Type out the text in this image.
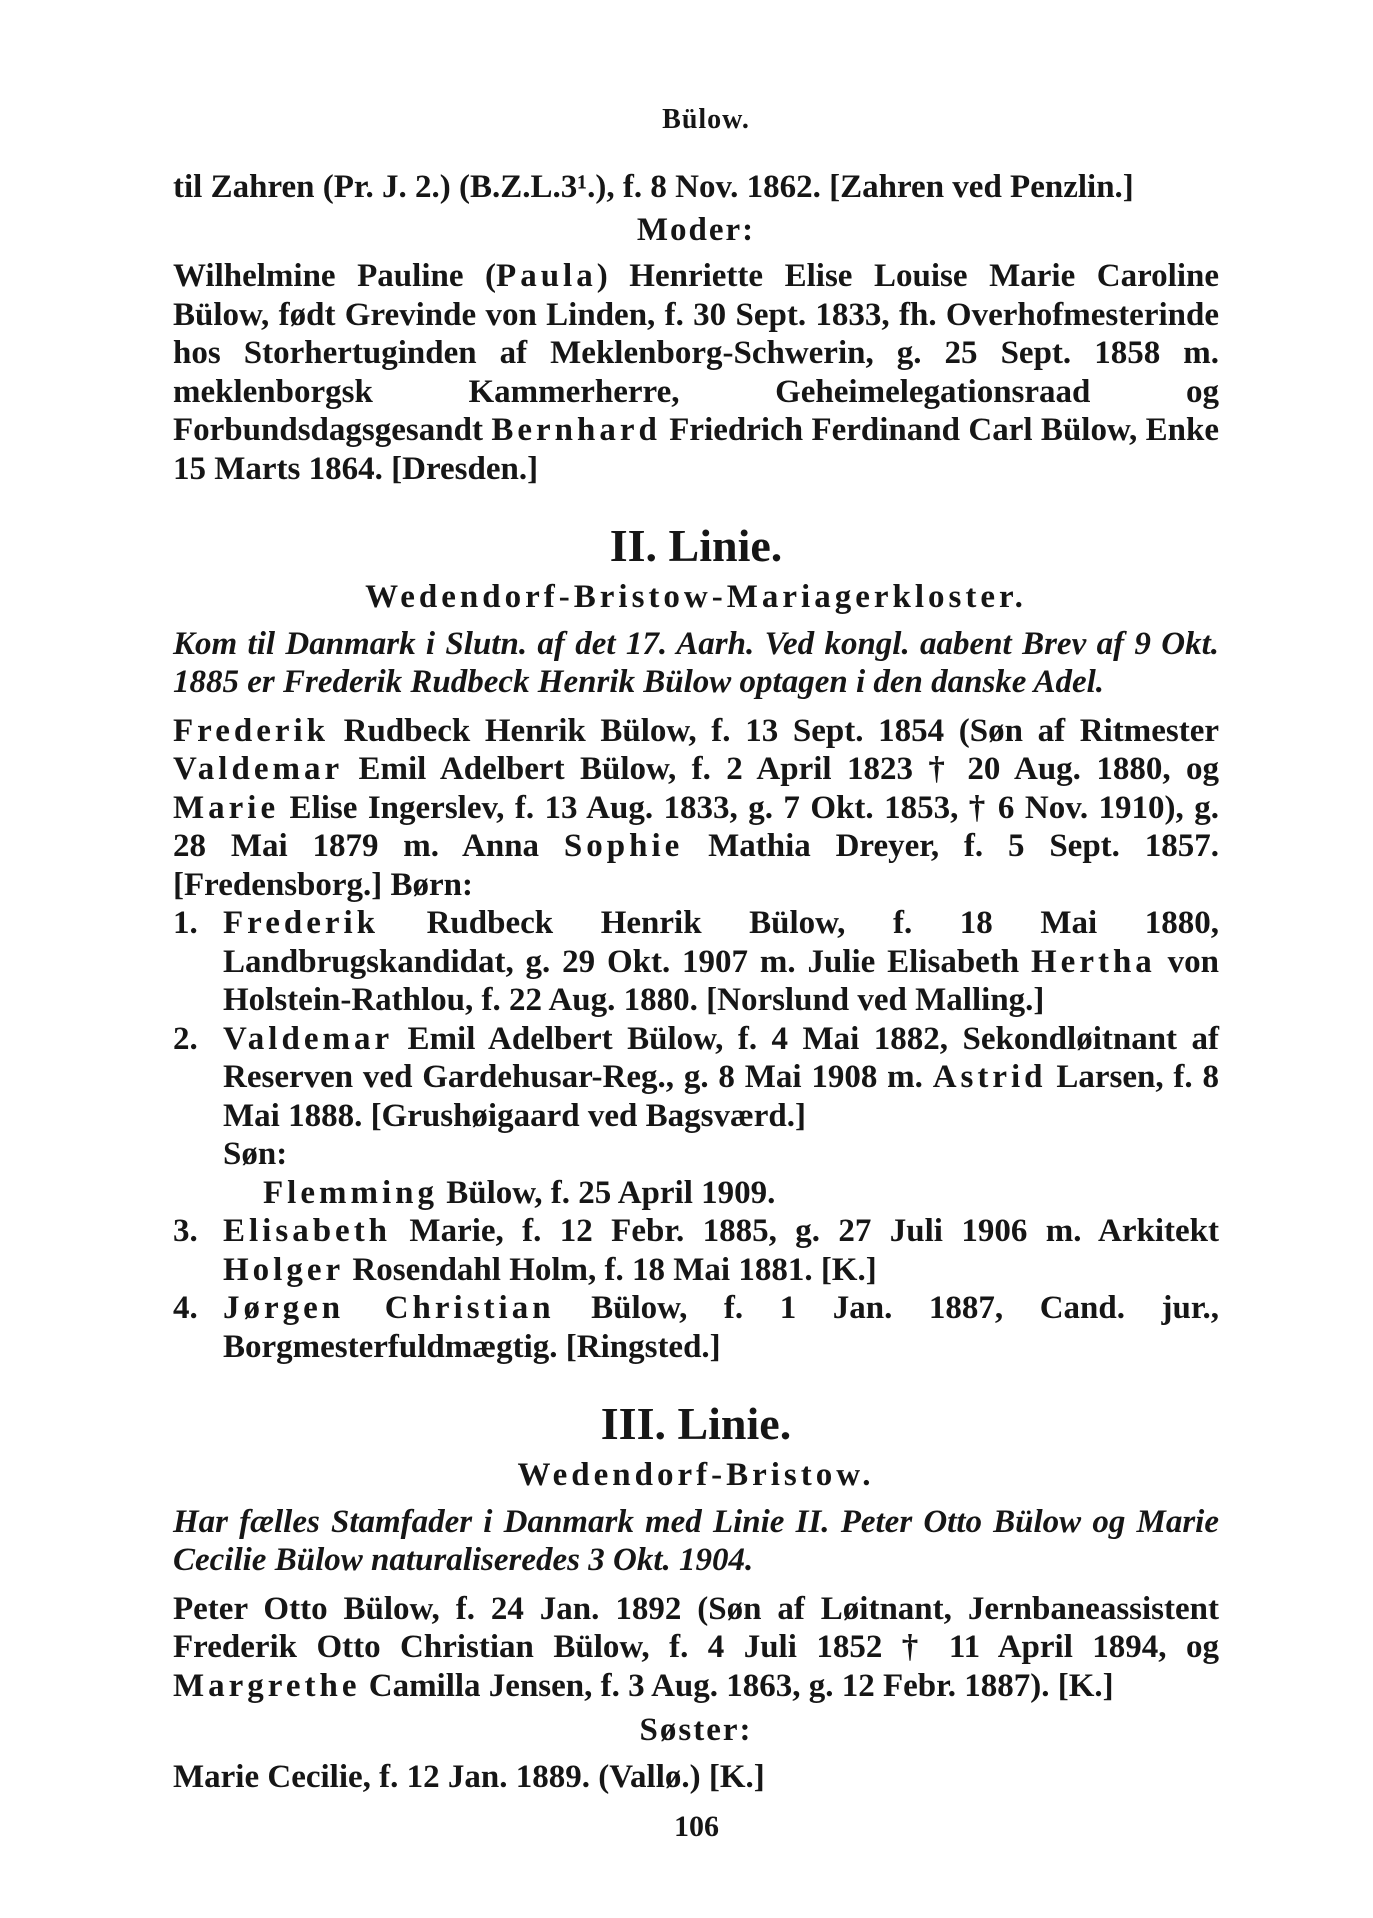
Bülow.

til Zahren (Pr. J. 2.) (B.Z.L.3¹.), f. 8 Nov. 1862. [Zahren ved Penzlin.]

Moder:

Wilhelmine Pauline (Paula) Henriette Elise Louise Marie Caroline Bülow, født Grevinde von Linden, f. 30 Sept. 1833, fh. Overhofmesterinde hos Storhertuginden af Meklenborg-Schwerin, g. 25 Sept. 1858 m. meklenborgsk Kammerherre, Geheimelegationsraad og Forbundsdagsgesandt Bernhard Friedrich Ferdinand Carl Bülow, Enke 15 Marts 1864. [Dresden.]

II. Linie.

Wedendorf-Bristow-Mariagerkloster.

Kom til Danmark i Slutn. af det 17. Aarh. Ved kongl. aabent Brev af 9 Okt. 1885 er Frederik Rudbeck Henrik Bülow optagen i den danske Adel.

Frederik Rudbeck Henrik Bülow, f. 13 Sept. 1854 (Søn af Ritmester Valdemar Emil Adelbert Bülow, f. 2 April 1823 † 20 Aug. 1880, og Marie Elise Ingerslev, f. 13 Aug. 1833, g. 7 Okt. 1853, † 6 Nov. 1910), g. 28 Mai 1879 m. Anna Sophie Mathia Dreyer, f. 5 Sept. 1857. [Fredensborg.] Børn:

1. Frederik Rudbeck Henrik Bülow, f. 18 Mai 1880, Landbrugskandidat, g. 29 Okt. 1907 m. Julie Elisabeth Hertha von Holstein-Rathlou, f. 22 Aug. 1880. [Norslund ved Malling.]

2. Valdemar Emil Adelbert Bülow, f. 4 Mai 1882, Sekondløitnant af Reserven ved Gardehusar-Reg., g. 8 Mai 1908 m. Astrid Larsen, f. 8 Mai 1888. [Grushøigaard ved Bagsværd.]

Søn:

Flemming Bülow, f. 25 April 1909.

3. Elisabeth Marie, f. 12 Febr. 1885, g. 27 Juli 1906 m. Arkitekt Holger Rosendahl Holm, f. 18 Mai 1881. [K.]

4. Jørgen Christian Bülow, f. 1 Jan. 1887, Cand. jur., Borgmesterfuldmægtig. [Ringsted.]

III. Linie.

Wedendorf-Bristow.

Har fælles Stamfader i Danmark med Linie II. Peter Otto Bülow og Marie Cecilie Bülow naturaliseredes 3 Okt. 1904.

Peter Otto Bülow, f. 24 Jan. 1892 (Søn af Løitnant, Jernbaneassistent Frederik Otto Christian Bülow, f. 4 Juli 1852 † 11 April 1894, og Margrethe Camilla Jensen, f. 3 Aug. 1863, g. 12 Febr. 1887). [K.]

Søster:

Marie Cecilie, f. 12 Jan. 1889. (Vallø.) [K.]

106
